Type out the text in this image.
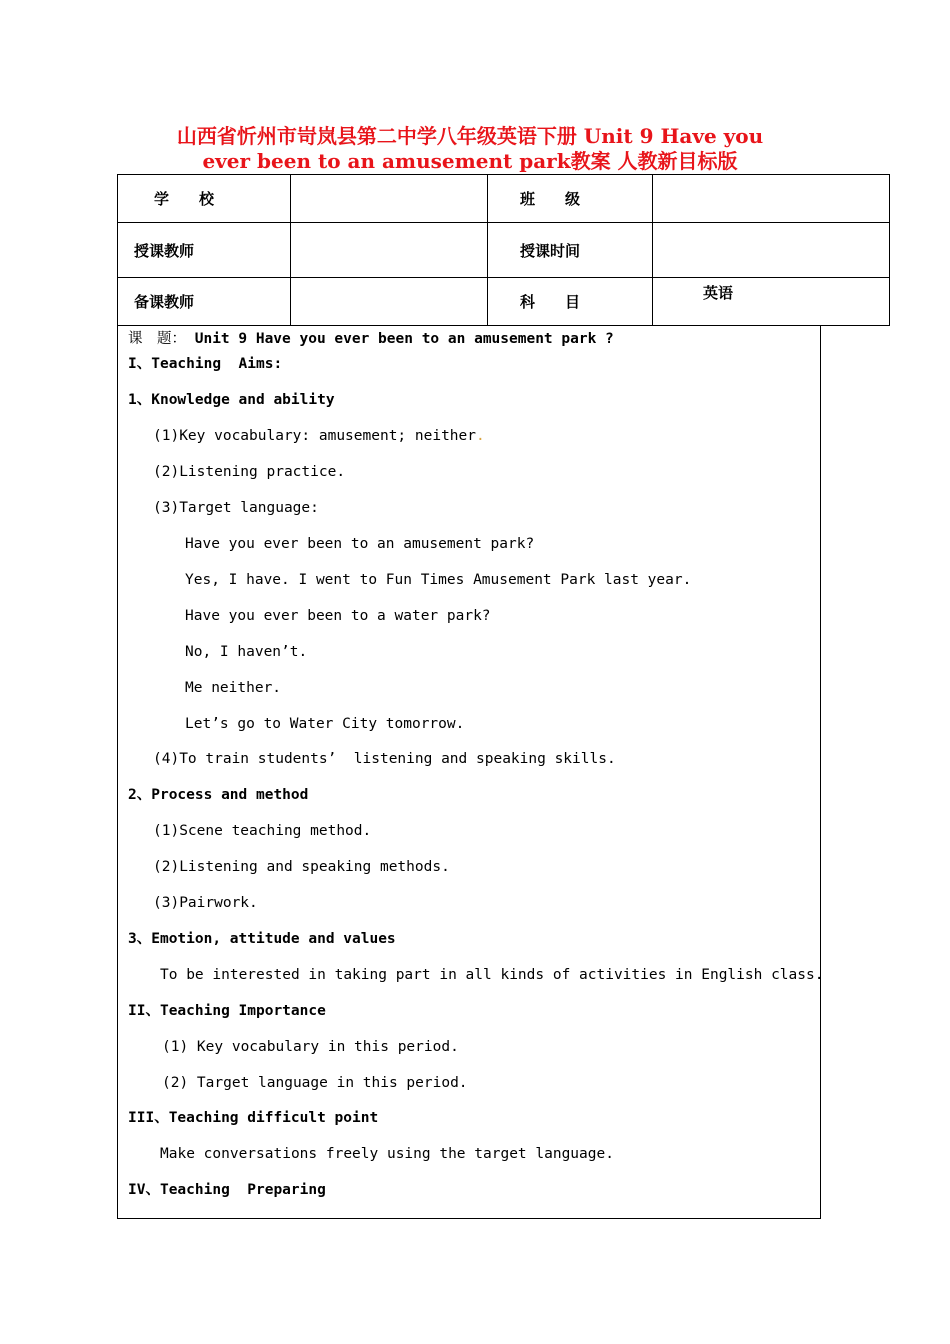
山西省忻州市岢岚县第二中学八年级英语下册 Unit 9 Have you
ever been to an amusement park教案 人教新目标版
学　　校		班　　级	
授课教师		授课时间	
备课教师		科　　目	英语
课　题： Unit 9 Have you ever been to an amusement park ?
I、Teaching  Aims:
1、Knowledge and ability
(1)Key vocabulary: amusement; neither.
(2)Listening practice.
(3)Target language:
Have you ever been to an amusement park?
Yes, I have. I went to Fun Times Amusement Park last year.
Have you ever been to a water park?
No, I haven’t.
Me neither.
Let’s go to Water City tomorrow.
(4)To train students’  listening and speaking skills.
2、Process and method
(1)Scene teaching method.
(2)Listening and speaking methods.
(3)Pairwork.
3、Emotion, attitude and values
To be interested in taking part in all kinds of activities in English class.
II、Teaching Importance
(1) Key vocabulary in this period.
(2) Target language in this period.
III、Teaching difficult point
Make conversations freely using the target language.
IV、Teaching  Preparing
